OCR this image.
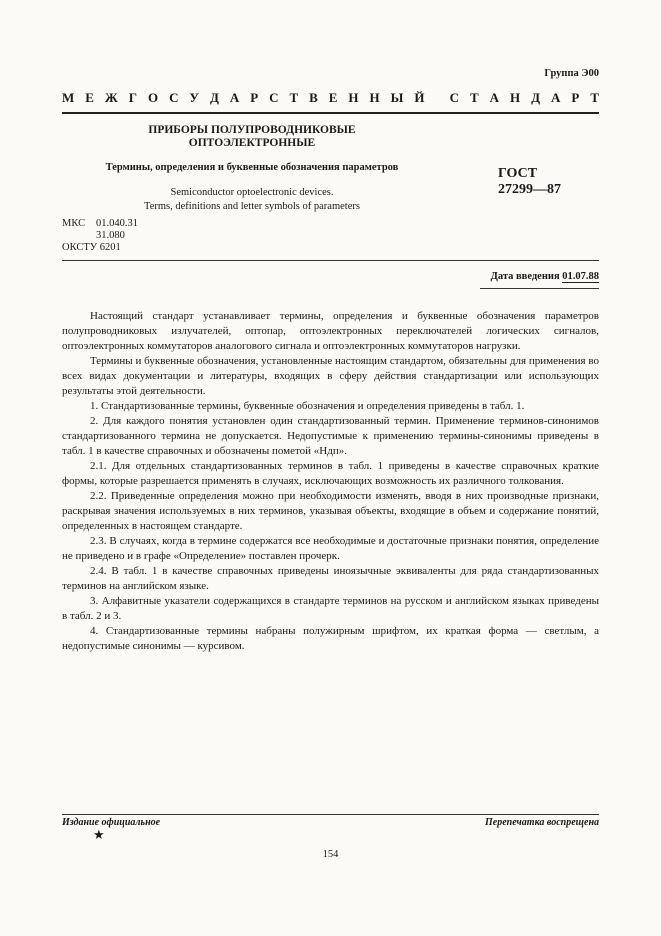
Группа Э00
М Е Ж Г О С У Д А Р С Т В Е Н Н Ы Й
С Т А Н Д А Р Т
ПРИБОРЫ ПОЛУПРОВОДНИКОВЫЕ
ОПТОЭЛЕКТРОННЫЕ
Термины, определения и буквенные обозначения параметров
Semiconductor optoelectronic devices.
Terms, definitions and letter symbols of parameters
ГОСТ
27299—87
МКС	01.040.31
31.080
ОКСТУ 6201
Дата введения 01.07.88

Настоящий стандарт устанавливает термины, определения и буквенные обозначения параметров полупроводниковых излучателей, оптопар, оптоэлектронных переключателей логических сигналов, оптоэлектронных коммутаторов аналогового сигнала и оптоэлектронных коммутаторов нагрузки.

Термины и буквенные обозначения, установленные настоящим стандартом, обязательны для применения во всех видах документации и литературы, входящих в сферу действия стандартизации или использующих результаты этой деятельности.

1. Стандартизованные термины, буквенные обозначения и определения приведены в табл. 1.

2. Для каждого понятия установлен один стандартизованный термин. Применение терминов-синонимов стандартизованного термина не допускается. Недопустимые к применению термины-синонимы приведены в табл. 1 в качестве справочных и обозначены пометой «Ндп».

2.1. Для отдельных стандартизованных терминов в табл. 1 приведены в качестве справочных краткие формы, которые разрешается применять в случаях, исключающих возможность их различного толкования.

2.2. Приведенные определения можно при необходимости изменять, вводя в них производные признаки, раскрывая значения используемых в них терминов, указывая объекты, входящие в объем и содержание понятий, определенных в настоящем стандарте.

2.3. В случаях, когда в термине содержатся все необходимые и достаточные признаки понятия, определение не приведено и в графе «Определение» поставлен прочерк.

2.4. В табл. 1 в качестве справочных приведены иноязычные эквиваленты для ряда стандартизованных терминов на английском языке.

3. Алфавитные указатели содержащихся в стандарте терминов на русском и английском языках приведены в табл. 2 и 3.

4. Стандартизованные термины набраны полужирным шрифтом, их краткая форма — светлым, а недопустимые синонимы — курсивом.

Издание официальное
★
Перепечатка воспрещена
154
